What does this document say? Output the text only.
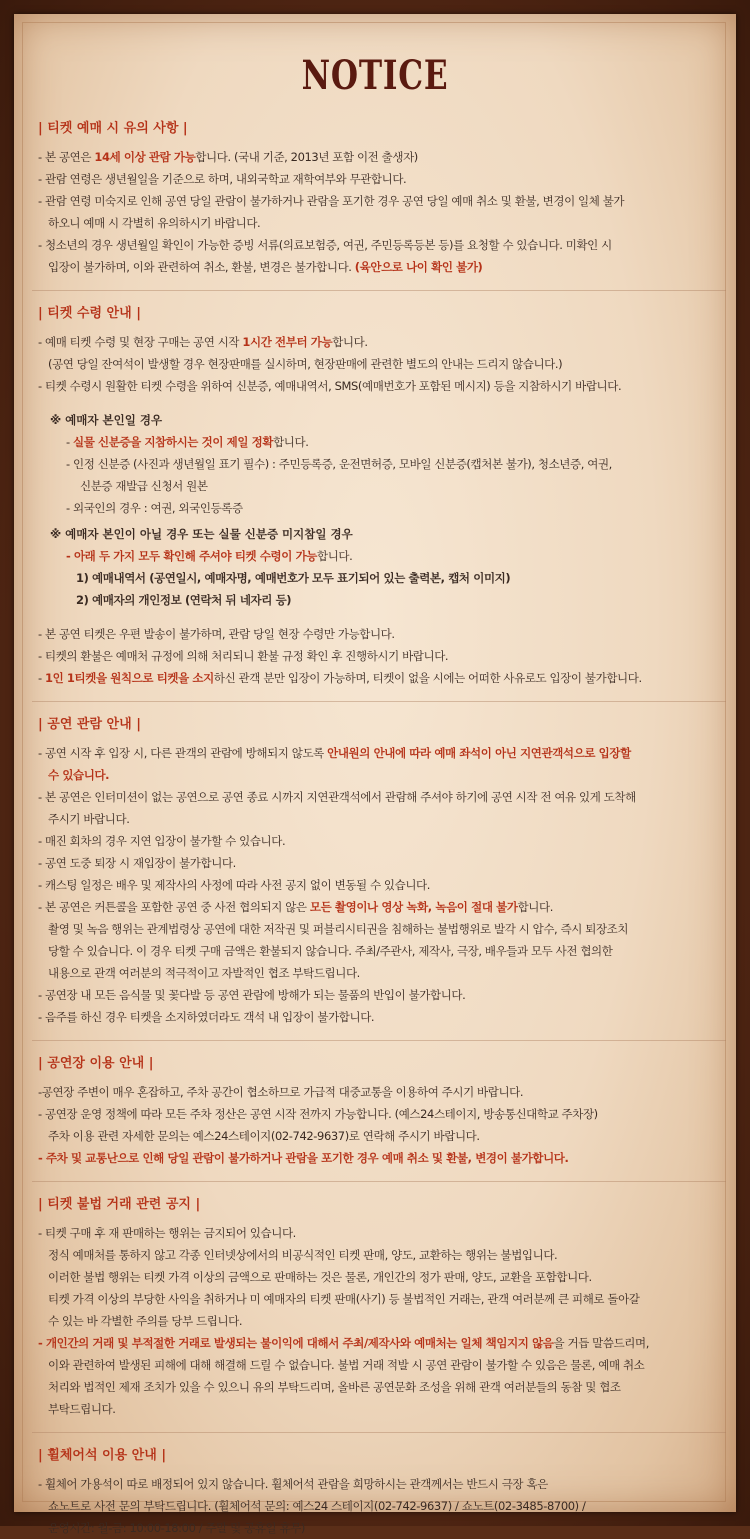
NOTICE
| 티켓 예매 시 유의 사항 |
- 본 공연은 14세 이상 관람 가능합니다. (국내 기준, 2013년 포함 이전 출생자)
- 관람 연령은 생년월일을 기준으로 하며, 내외국학교 재학여부와 무관합니다.
- 관람 연령 미숙지로 인해 공연 당일 관람이 불가하거나 관람을 포기한 경우 공연 당일 예매 취소 및 환불, 변경이 일체 불가
하오니 예매 시 각별히 유의하시기 바랍니다.
- 청소년의 경우 생년월일 확인이 가능한 증빙 서류(의료보험증, 여권, 주민등록등본 등)를 요청할 수 있습니다. 미확인 시
입장이 불가하며, 이와 관련하여 취소, 환불, 변경은 불가합니다. (육안으로 나이 확인 불가)
| 티켓 수령 안내 |
- 예매 티켓 수령 및 현장 구매는 공연 시작 1시간 전부터 가능합니다.
(공연 당일 잔여석이 발생할 경우 현장판매를 실시하며, 현장판매에 관련한 별도의 안내는 드리지 않습니다.)
- 티켓 수령시 원활한 티켓 수령을 위하여 신분증, 예매내역서, SMS(예매번호가 포함된 메시지) 등을 지참하시기 바랍니다.
※ 예매자 본인일 경우
- 실물 신분증을 지참하시는 것이 제일 정확합니다.
- 인정 신분증 (사진과 생년월일 표기 필수) : 주민등록증, 운전면허증, 모바일 신분증(캡처본 불가), 청소년증, 여권,
신분증 재발급 신청서 원본
- 외국인의 경우 : 여권, 외국인등록증
※ 예매자 본인이 아닐 경우 또는 실물 신분증 미지참일 경우
- 아래 두 가지 모두 확인해 주셔야 티켓 수령이 가능합니다.
1) 예매내역서 (공연일시, 예매자명, 예매번호가 모두 표기되어 있는 출력본, 캡처 이미지)
2) 예매자의 개인정보 (연락처 뒤 네자리 등)
- 본 공연 티켓은 우편 발송이 불가하며, 관람 당일 현장 수령만 가능합니다.
- 티켓의 환불은 예매처 규정에 의해 처리되니 환불 규정 확인 후 진행하시기 바랍니다.
- 1인 1티켓을 원칙으로 티켓을 소지하신 관객 분만 입장이 가능하며, 티켓이 없을 시에는 어떠한 사유로도 입장이 불가합니다.
| 공연 관람 안내 |
- 공연 시작 후 입장 시, 다른 관객의 관람에 방해되지 않도록 안내원의 안내에 따라 예매 좌석이 아닌 지연관객석으로 입장할
수 있습니다.
- 본 공연은 인터미션이 없는 공연으로 공연 종료 시까지 지연관객석에서 관람해 주셔야 하기에 공연 시작 전 여유 있게 도착해
주시기 바랍니다.
- 매진 회차의 경우 지연 입장이 불가할 수 있습니다.
- 공연 도중 퇴장 시 재입장이 불가합니다.
- 캐스팅 일정은 배우 및 제작사의 사정에 따라 사전 공지 없이 변동될 수 있습니다.
- 본 공연은 커튼콜을 포함한 공연 중 사전 협의되지 않은 모든 촬영이나 영상 녹화, 녹음이 절대 불가합니다.
촬영 및 녹음 행위는 관계법령상 공연에 대한 저작권 및 퍼블리시티권을 침해하는 불법행위로 발각 시 압수, 즉시 퇴장조치
당할 수 있습니다. 이 경우 티켓 구매 금액은 환불되지 않습니다. 주최/주관사, 제작사, 극장, 배우들과 모두 사전 협의한
내용으로 관객 여러분의 적극적이고 자발적인 협조 부탁드립니다.
- 공연장 내 모든 음식물 및 꽃다발 등 공연 관람에 방해가 되는 물품의 반입이 불가합니다.
- 음주를 하신 경우 티켓을 소지하였더라도 객석 내 입장이 불가합니다.
| 공연장 이용 안내 |
-공연장 주변이 매우 혼잡하고, 주차 공간이 협소하므로 가급적 대중교통을 이용하여 주시기 바랍니다.
- 공연장 운영 정책에 따라 모든 주차 정산은 공연 시작 전까지 가능합니다. (예스24스테이지, 방송통신대학교 주차장)
주차 이용 관련 자세한 문의는 예스24스테이지(02-742-9637)로 연락해 주시기 바랍니다.
- 주차 및 교통난으로 인해 당일 관람이 불가하거나 관람을 포기한 경우 예매 취소 및 환불, 변경이 불가합니다.
| 티켓 불법 거래 관련 공지 |
- 티켓 구매 후 재 판매하는 행위는 금지되어 있습니다.
정식 예매처를 통하지 않고 각종 인터넷상에서의 비공식적인 티켓 판매, 양도, 교환하는 행위는 불법입니다.
이러한 불법 행위는 티켓 가격 이상의 금액으로 판매하는 것은 물론, 개인간의 정가 판매, 양도, 교환을 포함합니다.
티켓 가격 이상의 부당한 사익을 취하거나 미 예매자의 티켓 판매(사기) 등 불법적인 거래는, 관객 여러분께 큰 피해로 돌아갈
수 있는 바 각별한 주의를 당부 드립니다.
- 개인간의 거래 및 부적절한 거래로 발생되는 불이익에 대해서 주최/제작사와 예매처는 일체 책임지지 않음을 거듭 말씀드리며,
이와 관련하여 발생된 피해에 대해 해결해 드릴 수 없습니다. 불법 거래 적발 시 공연 관람이 불가할 수 있음은 물론, 예매 취소
처리와 법적인 제재 조치가 있을 수 있으니 유의 부탁드리며, 올바른 공연문화 조성을 위해 관객 여러분들의 동참 및 협조
부탁드립니다.
| 휠체어석 이용 안내 |
- 휠체어 가용석이 따로 배정되어 있지 않습니다. 휠체어석 관람을 희망하시는 관객께서는 반드시 극장 혹은
쇼노트로 사전 문의 부탁드립니다. (휠체어석 문의: 예스24 스테이지(02-742-9637) / 쇼노트(02-3485-8700) /
운영시간: 월-금: 10:00-18:00 / 주말 및 공휴일 휴무)
